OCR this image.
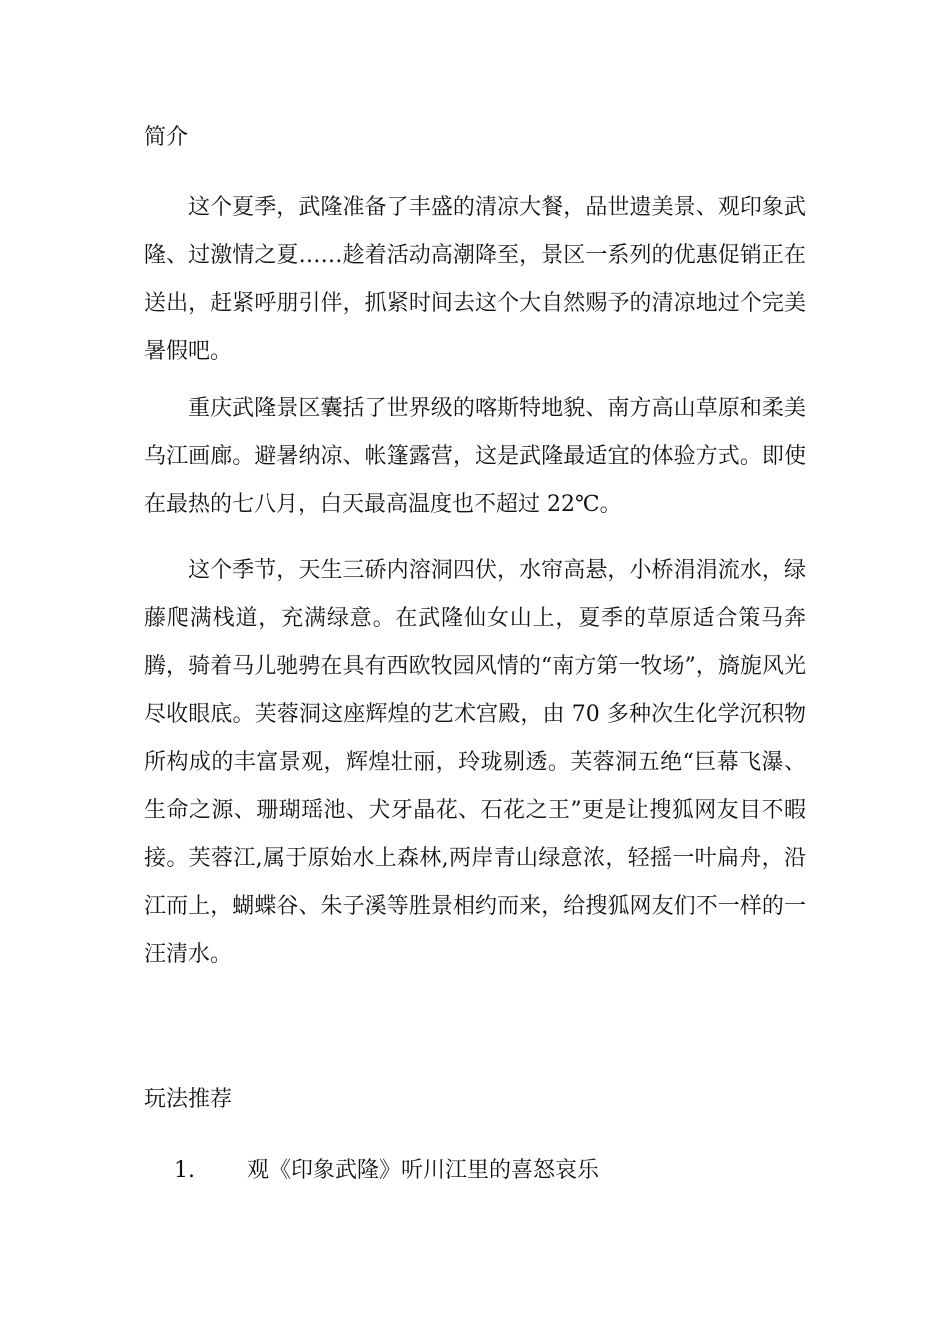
简介

这个夏季，武隆准备了丰盛的清凉大餐，品世遗美景、观印象武隆、过激情之夏……趁着活动高潮降至，景区一系列的优惠促销正在送出，赶紧呼朋引伴，抓紧时间去这个大自然赐予的清凉地过个完美暑假吧。

重庆武隆景区囊括了世界级的喀斯特地貌、南方高山草原和柔美乌江画廊。避暑纳凉、帐篷露营，这是武隆最适宜的体验方式。即使在最热的七八月，白天最高温度也不超过 22℃。

这个季节，天生三硚内溶洞四伏，水帘高悬，小桥涓涓流水，绿藤爬满栈道，充满绿意。在武隆仙女山上，夏季的草原适合策马奔腾，骑着马儿驰骋在具有西欧牧园风情的“南方第一牧场”，旖旎风光尽收眼底。芙蓉洞这座辉煌的艺术宫殿，由 70 多种次生化学沉积物所构成的丰富景观，辉煌壮丽，玲珑剔透。芙蓉洞五绝“巨幕飞瀑、生命之源、珊瑚瑶池、犬牙晶花、石花之王”更是让搜狐网友目不暇接。芙蓉江,属于原始水上森林,两岸青山绿意浓，轻摇一叶扁舟，沿江而上，蝴蝶谷、朱子溪等胜景相约而来，给搜狐网友们不一样的一汪清水。

玩法推荐
1. 观《印象武隆》听川江里的喜怒哀乐
